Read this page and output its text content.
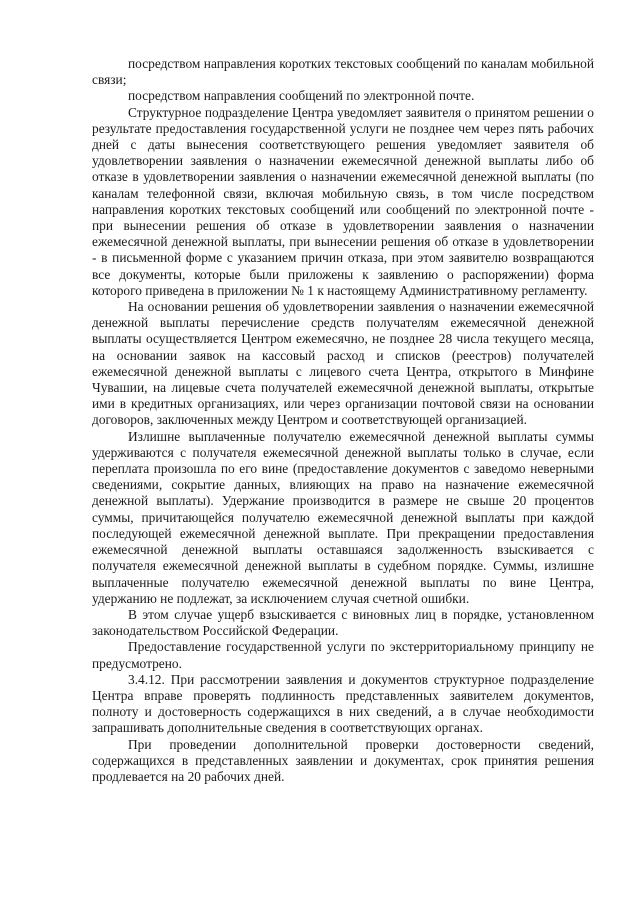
посредством направления коротких текстовых сообщений по каналам мобильной связи;

посредством направления сообщений по электронной почте.

Структурное подразделение Центра уведомляет заявителя о принятом решении о результате предоставления государственной услуги не позднее чем через пять рабочих дней с даты вынесения соответствующего решения уведомляет заявителя об удовлетворении заявления о назначении ежемесячной денежной выплаты либо об отказе в удовлетворении заявления о назначении ежемесячной денежной выплаты (по каналам телефонной связи, включая мобильную связь, в том числе посредством направления коротких текстовых сообщений или сообщений по электронной почте - при вынесении решения об отказе в удовлетворении заявления о назначении ежемесячной денежной выплаты, при вынесении решения об отказе в удовлетворении - в письменной форме с указанием причин отказа, при этом заявителю возвращаются все документы, которые были приложены к заявлению о распоряжении) форма которого приведена в приложении № 1 к настоящему Административному регламенту.

На основании решения об удовлетворении заявления о назначении ежемесячной денежной выплаты перечисление средств получателям ежемесячной денежной выплаты осуществляется Центром ежемесячно, не позднее 28 числа текущего месяца, на основании заявок на кассовый расход и списков (реестров) получателей ежемесячной денежной выплаты с лицевого счета Центра, открытого в Минфине Чувашии, на лицевые счета получателей ежемесячной денежной выплаты, открытые ими в кредитных организациях, или через организации почтовой связи на основании договоров, заключенных между Центром и соответствующей организацией.

Излишне выплаченные получателю ежемесячной денежной выплаты суммы удерживаются с получателя ежемесячной денежной выплаты только в случае, если переплата произошла по его вине (предоставление документов с заведомо неверными сведениями, сокрытие данных, влияющих на право на назначение ежемесячной денежной выплаты). Удержание производится в размере не свыше 20 процентов суммы, причитающейся получателю ежемесячной денежной выплаты при каждой последующей ежемесячной денежной выплате. При прекращении предоставления ежемесячной денежной выплаты оставшаяся задолженность взыскивается с получателя ежемесячной денежной выплаты в судебном порядке. Суммы, излишне выплаченные получателю ежемесячной денежной выплаты по вине Центра, удержанию не подлежат, за исключением случая счетной ошибки.

В этом случае ущерб взыскивается с виновных лиц в порядке, установленном законодательством Российской Федерации.

Предоставление государственной услуги по экстерриториальному принципу не предусмотрено.

3.4.12. При рассмотрении заявления и документов структурное подразделение Центра вправе проверять подлинность представленных заявителем документов, полноту и достоверность содержащихся в них сведений, а в случае необходимости запрашивать дополнительные сведения в соответствующих органах.

При проведении дополнительной проверки достоверности сведений, содержащихся в представленных заявлении и документах, срок принятия решения продлевается на 20 рабочих дней.
